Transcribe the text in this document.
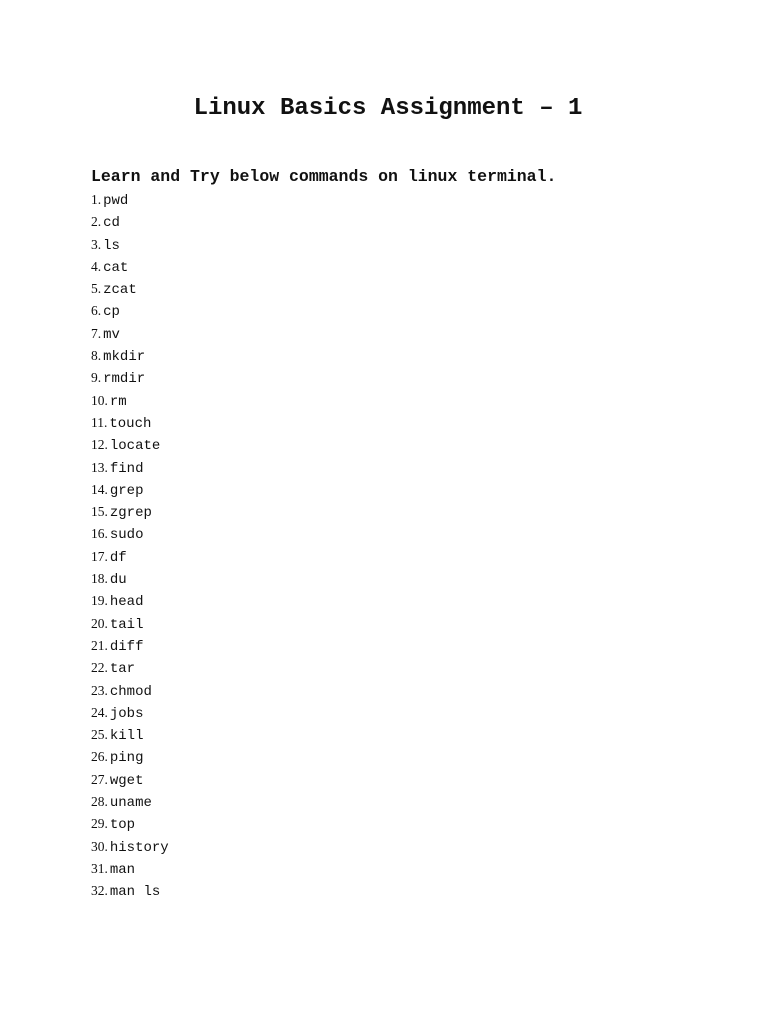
Linux Basics Assignment – 1

Learn and Try below commands on linux terminal.

1. pwd
2. cd
3. ls
4. cat
5. zcat
6. cp
7. mv
8. mkdir
9. rmdir
10. rm
11. touch
12. locate
13. find
14. grep
15. zgrep
16. sudo
17. df
18. du
19. head
20. tail
21. diff
22. tar
23. chmod
24. jobs
25. kill
26. ping
27. wget
28. uname
29. top
30. history
31. man
32. man ls
